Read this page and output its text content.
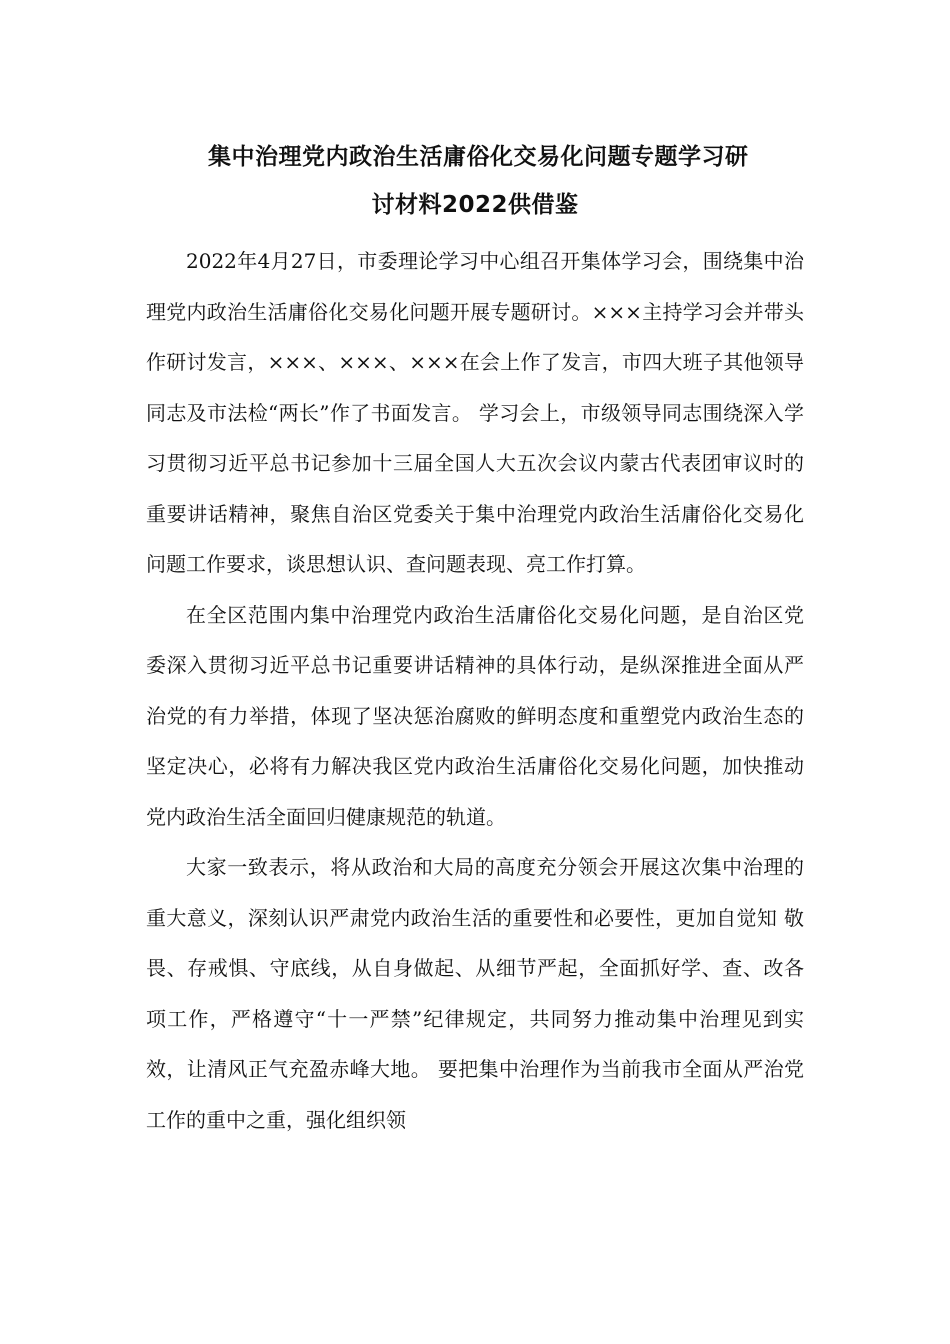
集中治理党内政治生活庸俗化交易化问题专题学习研
讨材料2022供借鉴

2022年4月27日，市委理论学习中心组召开集体学习会，围绕集中治理党内政治生活庸俗化交易化问题开展专题研讨。×××主持学习会并带头作研讨发言，×××、×××、×××在会上作了发言，市四大班子其他领导同志及市法检“两长”作了书面发言。 学习会上，市级领导同志围绕深入学习贯彻习近平总书记参加十三届全国人大五次会议内蒙古代表团审议时的重要讲话精神，聚焦自治区党委关于集中治理党内政治生活庸俗化交易化问题工作要求，谈思想认识、查问题表现、亮工作打算。

在全区范围内集中治理党内政治生活庸俗化交易化问题，是自治区党委深入贯彻习近平总书记重要讲话精神的具体行动，是纵深推进全面从严治党的有力举措，体现了坚决惩治腐败的鲜明态度和重塑党内政治生态的坚定决心，必将有力解决我区党内政治生活庸俗化交易化问题，加快推动党内政治生活全面回归健康规范的轨道。

大家一致表示，将从政治和大局的高度充分领会开展这次集中治理的重大意义，深刻认识严肃党内政治生活的重要性和必要性，更加自觉知 敬畏、存戒惧、守底线，从自身做起、从细节严起，全面抓好学、查、改各项工作，严格遵守“十一严禁”纪律规定，共同努力推动集中治理见到实效，让清风正气充盈赤峰大地。 要把集中治理作为当前我市全面从严治党工作的重中之重，强化组织领
